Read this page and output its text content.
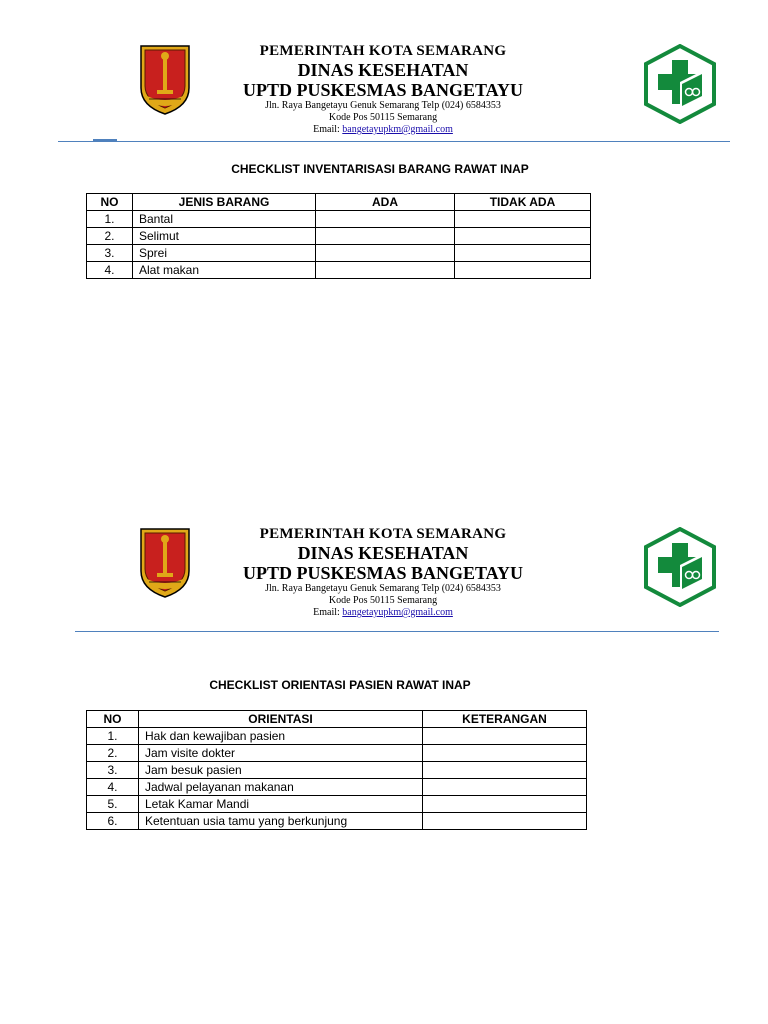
PEMERINTAH KOTA SEMARANG
DINAS KESEHATAN
UPTD PUSKESMAS BANGETAYU
Jln. Raya Bangetayu Genuk Semarang Telp (024) 6584353
Kode Pos 50115 Semarang
Email: bangetayupkm@gmail.com
CHECKLIST INVENTARISASI BARANG RAWAT INAP
NO	JENIS BARANG	ADA	TIDAK ADA
1.	Bantal		
2.	Selimut		
3.	Sprei		
4.	Alat makan		
PEMERINTAH KOTA SEMARANG
DINAS KESEHATAN
UPTD PUSKESMAS BANGETAYU
Jln. Raya Bangetayu Genuk Semarang Telp (024) 6584353
Kode Pos 50115 Semarang
Email: bangetayupkm@gmail.com
CHECKLIST ORIENTASI PASIEN RAWAT INAP
NO	ORIENTASI	KETERANGAN
1.	Hak dan kewajiban pasien	
2.	Jam visite dokter	
3.	Jam besuk pasien	
4.	Jadwal pelayanan makanan	
5.	Letak Kamar Mandi	
6.	Ketentuan usia tamu yang berkunjung	
